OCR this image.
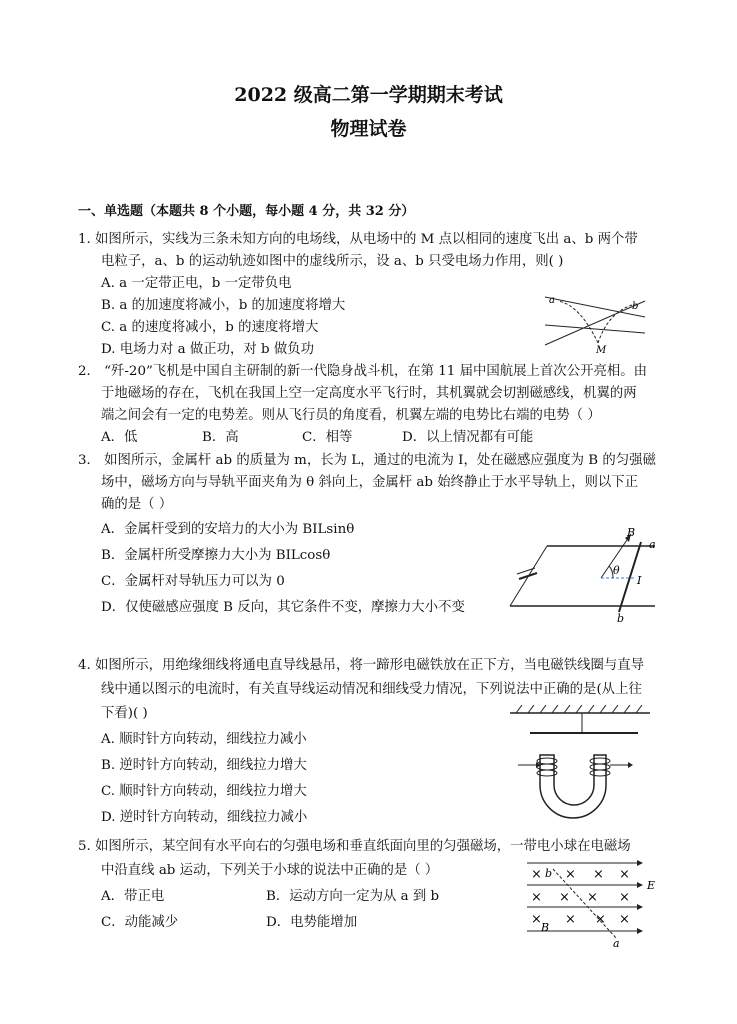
2022 级高二第一学期期末考试
物理试卷
一、单选题（本题共 8 个小题，每小题 4 分，共 32 分）
1. 如图所示，实线为三条未知方向的电场线，从电场中的 M 点以相同的速度飞出 a、b 两个带
电粒子，a、b 的运动轨迹如图中的虚线所示，设 a、b 只受电场力作用，则( )
A. a 一定带正电，b 一定带负电
B. a 的加速度将减小，b 的加速度将增大
C. a 的速度将减小，b 的速度将增大
D. 电场力对 a 做正功，对 b 做负功
a
b
M
2． “歼-20”飞机是中国自主研制的新一代隐身战斗机，在第 11 届中国航展上首次公开亮相。由
于地磁场的存在，飞机在我国上空一定高度水平飞行时，其机翼就会切割磁感线，机翼的两
端之间会有一定的电势差。则从飞行员的角度看，机翼左端的电势比右端的电势（ ）
A．低	B．高	C．相等	D．以上情况都有可能
3． 如图所示，金属杆 ab 的质量为 m，长为 L，通过的电流为 I，处在磁感应强度为 B 的匀强磁
场中，磁场方向与导轨平面夹角为 θ 斜向上，金属杆 ab 始终静止于水平导轨上，则以下正
确的是（ ）
A．金属杆受到的安培力的大小为 BILsinθ
B．金属杆所受摩擦力大小为 BILcosθ
C．金属杆对导轨压力可以为 0
D．仅使磁感应强度 B 反向，其它条件不变，摩擦力大小不变
B
a
b
θ
I
4. 如图所示，用绝缘细线将通电直导线悬吊，将一蹄形电磁铁放在正下方，当电磁铁线圈与直导
线中通以图示的电流时，有关直导线运动情况和细线受力情况，下列说法中正确的是(从上往
下看)( )
A. 顺时针方向转动，细线拉力减小
B. 逆时针方向转动，细线拉力增大
C. 顺时针方向转动，细线拉力增大
D. 逆时针方向转动，细线拉力减小
5. 如图所示，某空间有水平向右的匀强电场和垂直纸面向里的匀强磁场，一带电小球在电磁场
中沿直线 ab 运动，下列关于小球的说法中正确的是（ ）
A．带正电	B．运动方向一定为从 a 到 b
C．动能减少	D．电势能增加
× × × ×
× × × ×
× × × ×
b
a
E
B
